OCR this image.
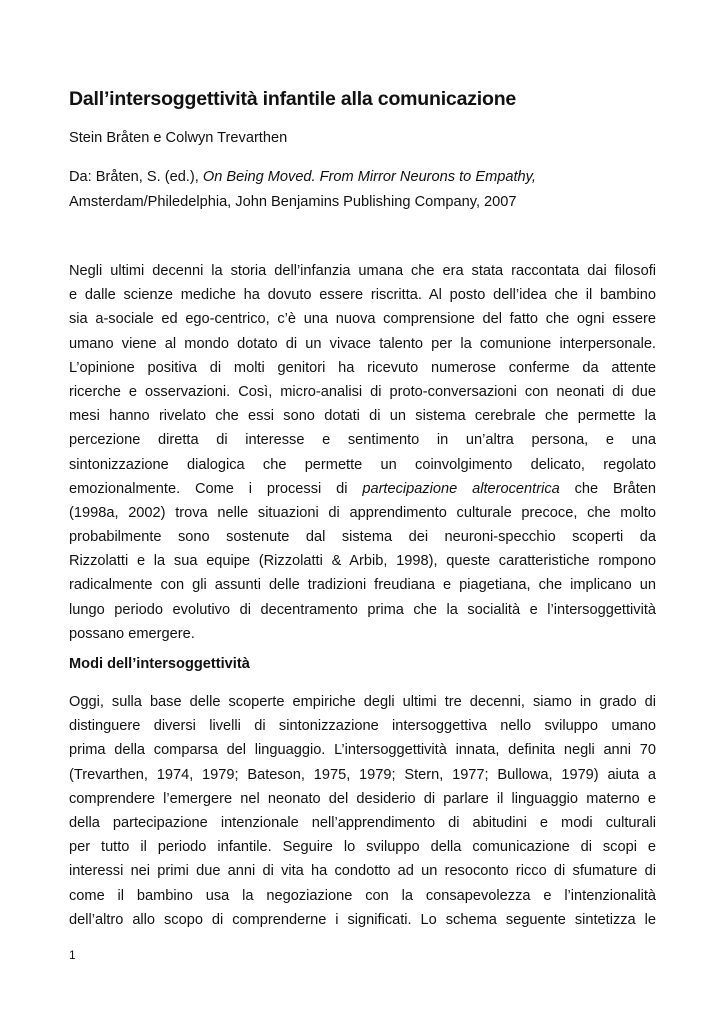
Dall’intersoggettività infantile alla comunicazione
Stein Bråten e Colwyn Trevarthen
Da: Bråten, S. (ed.), On Being Moved. From Mirror Neurons to Empathy,
Amsterdam/Philedelphia, John Benjamins Publishing Company, 2007
Negli ultimi decenni la storia dell’infanzia umana che era stata raccontata dai filosofi
e dalle scienze mediche ha dovuto essere riscritta. Al posto dell’idea che il bambino
sia a-sociale ed ego-centrico, c’è una nuova comprensione del fatto che ogni essere
umano viene al mondo dotato di un vivace talento per la comunione interpersonale.
L’opinione positiva di molti genitori ha ricevuto numerose conferme da attente
ricerche e osservazioni. Così, micro-analisi di proto-conversazioni con neonati di due
mesi hanno rivelato che essi sono dotati di un sistema cerebrale che permette la
percezione diretta di interesse e sentimento in un’altra persona, e una
sintonizzazione dialogica che permette un coinvolgimento delicato, regolato
emozionalmente. Come i processi di partecipazione alterocentrica che Bråten
(1998a, 2002) trova nelle situazioni di apprendimento culturale precoce, che molto
probabilmente sono sostenute dal sistema dei neuroni-specchio scoperti da
Rizzolatti e la sua equipe (Rizzolatti & Arbib, 1998), queste caratteristiche rompono
radicalmente con gli assunti delle tradizioni freudiana e piagetiana, che implicano un
lungo periodo evolutivo di decentramento prima che la socialità e l’intersoggettività
possano emergere.
Modi dell’intersoggettività
Oggi, sulla base delle scoperte empiriche degli ultimi tre decenni, siamo in grado di
distinguere diversi livelli di sintonizzazione intersoggettiva nello sviluppo umano
prima della comparsa del linguaggio. L’intersoggettività innata, definita negli anni 70
(Trevarthen, 1974, 1979; Bateson, 1975, 1979; Stern, 1977; Bullowa, 1979) aiuta a
comprendere l’emergere nel neonato del desiderio di parlare il linguaggio materno e
della partecipazione intenzionale nell’apprendimento di abitudini e modi culturali
per tutto il periodo infantile. Seguire lo sviluppo della comunicazione di scopi e
interessi nei primi due anni di vita ha condotto ad un resoconto ricco di sfumature di
come il bambino usa la negoziazione con la consapevolezza e l’intenzionalità
dell’altro allo scopo di comprenderne i significati. Lo schema seguente sintetizza le
1
